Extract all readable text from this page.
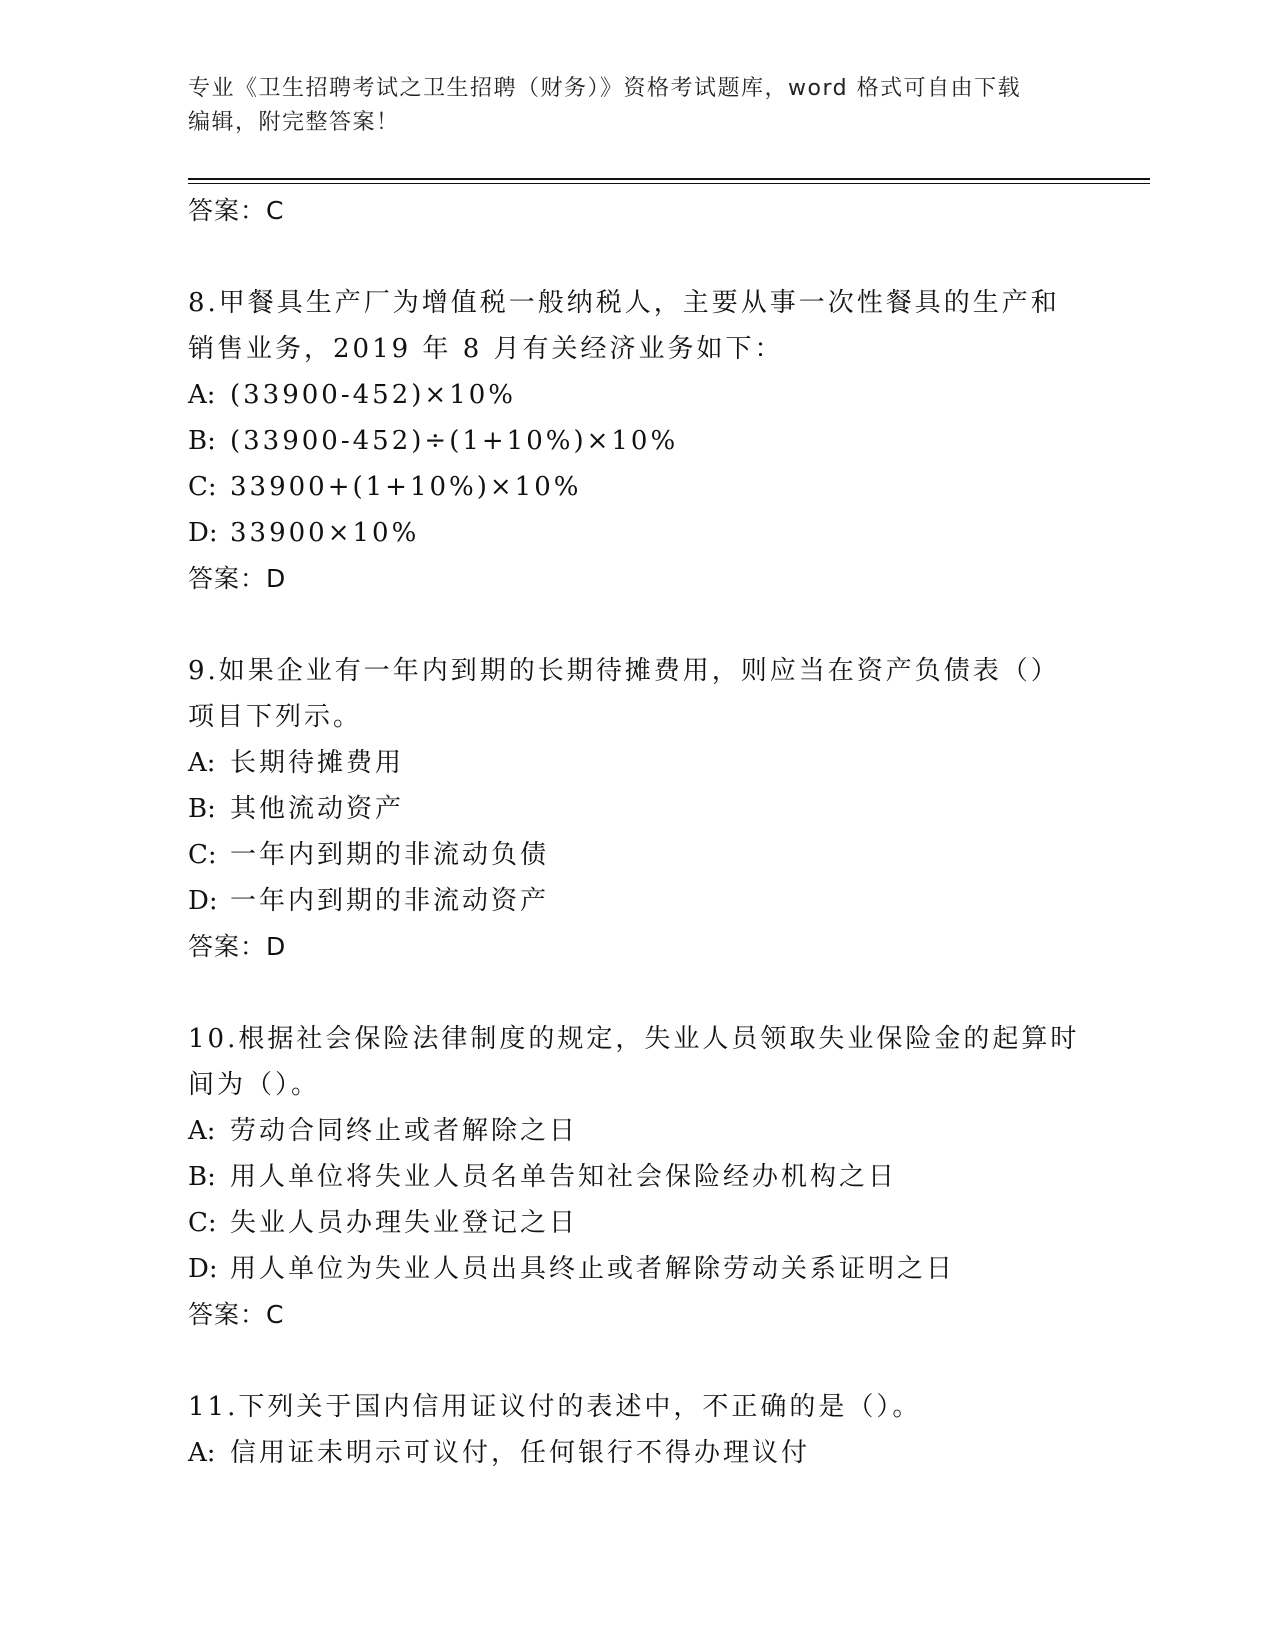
专业《卫生招聘考试之卫生招聘（财务）》资格考试题库，word 格式可自由下载
编辑，附完整答案！
答案：C
8.甲餐具生产厂为增值税一般纳税人，主要从事一次性餐具的生产和
销售业务，2019 年 8 月有关经济业务如下：
A: (33900-452)×10%
B: (33900-452)÷(1+10%)×10%
C: 33900+(1+10%)×10%
D: 33900×10%
答案：D
9.如果企业有一年内到期的长期待摊费用，则应当在资产负债表（）
项目下列示。
A: 长期待摊费用
B: 其他流动资产
C: 一年内到期的非流动负债
D: 一年内到期的非流动资产
答案：D
10.根据社会保险法律制度的规定，失业人员领取失业保险金的起算时
间为（）。
A: 劳动合同终止或者解除之日
B: 用人单位将失业人员名单告知社会保险经办机构之日
C: 失业人员办理失业登记之日
D: 用人单位为失业人员出具终止或者解除劳动关系证明之日
答案：C
11.下列关于国内信用证议付的表述中，不正确的是（）。
A: 信用证未明示可议付，任何银行不得办理议付
